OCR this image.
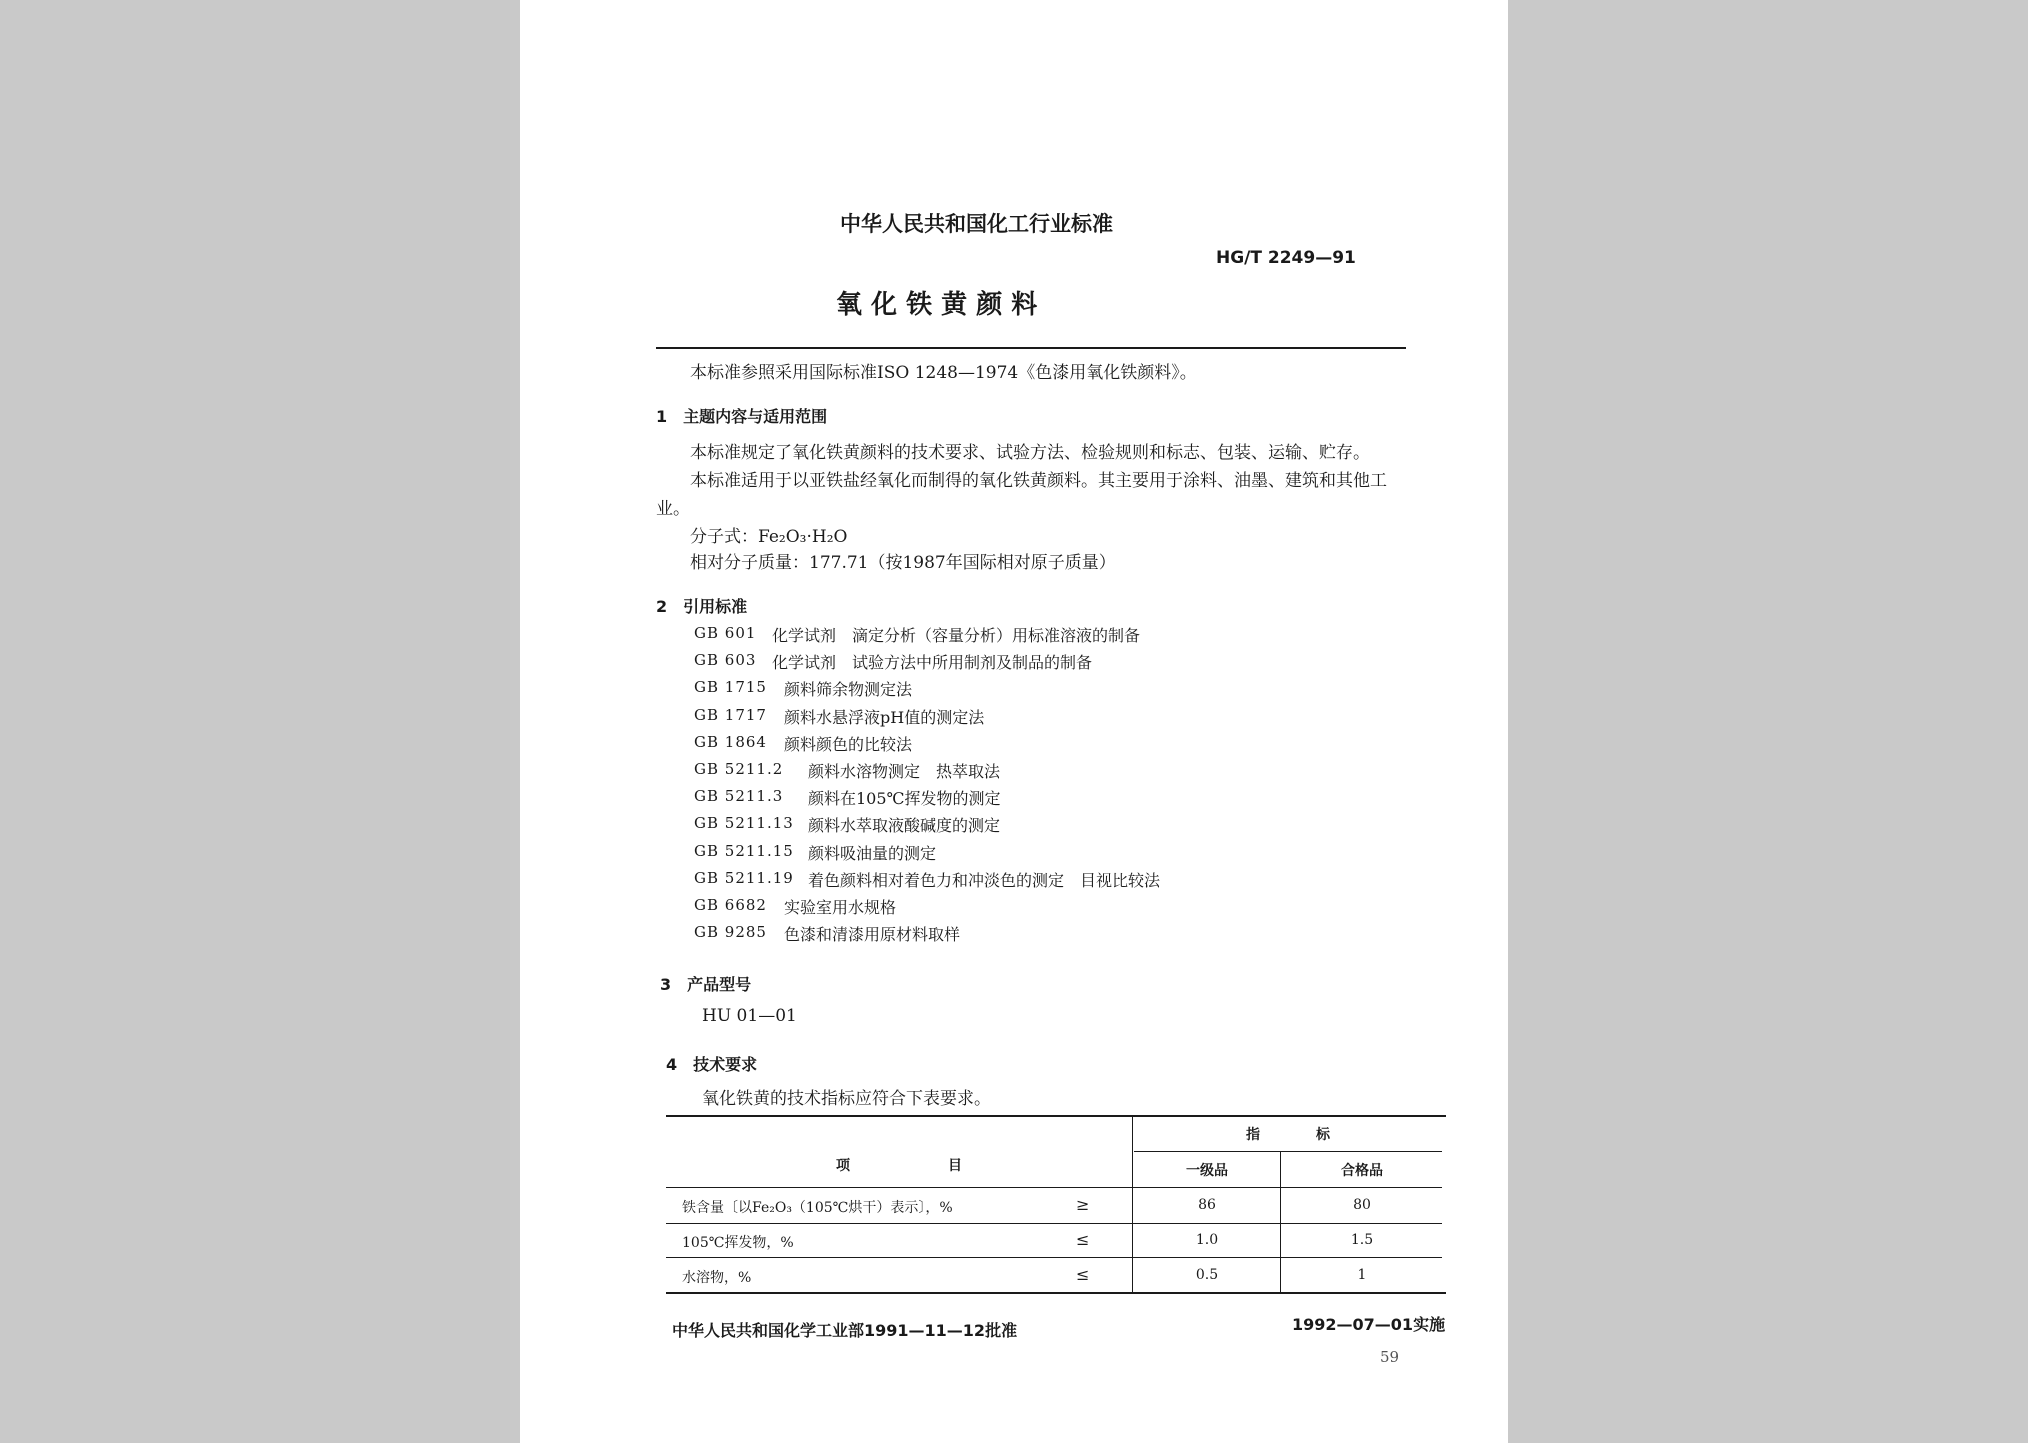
中华人民共和国化工行业标准
HG/T 2249—91
氧 化 铁 黄 颜 料
本标准参照采用国际标准ISO 1248—1974《色漆用氧化铁颜料》。
1　主题内容与适用范围
本标准规定了氧化铁黄颜料的技术要求、试验方法、检验规则和标志、包装、运输、贮存。
本标准适用于以亚铁盐经氧化而制得的氧化铁黄颜料。其主要用于涂料、油墨、建筑和其他工
业。
分子式：Fe₂O₃·H₂O
相对分子质量：177.71（按1987年国际相对原子质量）
2　引用标准
GB 601 化学试剂　滴定分析（容量分析）用标准溶液的制备
GB 603 化学试剂　试验方法中所用制剂及制品的制备
GB 1715 颜料筛余物测定法
GB 1717 颜料水悬浮液pH值的测定法
GB 1864 颜料颜色的比较法
GB 5211.2 颜料水溶物测定　热萃取法
GB 5211.3 颜料在105℃挥发物的测定
GB 5211.13 颜料水萃取液酸碱度的测定
GB 5211.15 颜料吸油量的测定
GB 5211.19 着色颜料相对着色力和冲淡色的测定　目视比较法
GB 6682 实验室用水规格
GB 9285 色漆和清漆用原材料取样
3　产品型号
HU 01—01
4　技术要求
氧化铁黄的技术指标应符合下表要求。
项　　　　　　　目
指　　　　标
一级品	合格品
铁含量〔以Fe₂O₃（105℃烘干）表示〕，%	≥	86	80
105℃挥发物，%	≤	1.0	1.5
水溶物，%	≤	0.5	1
中华人民共和国化学工业部1991—11—12批准	1992—07—01实施
59
